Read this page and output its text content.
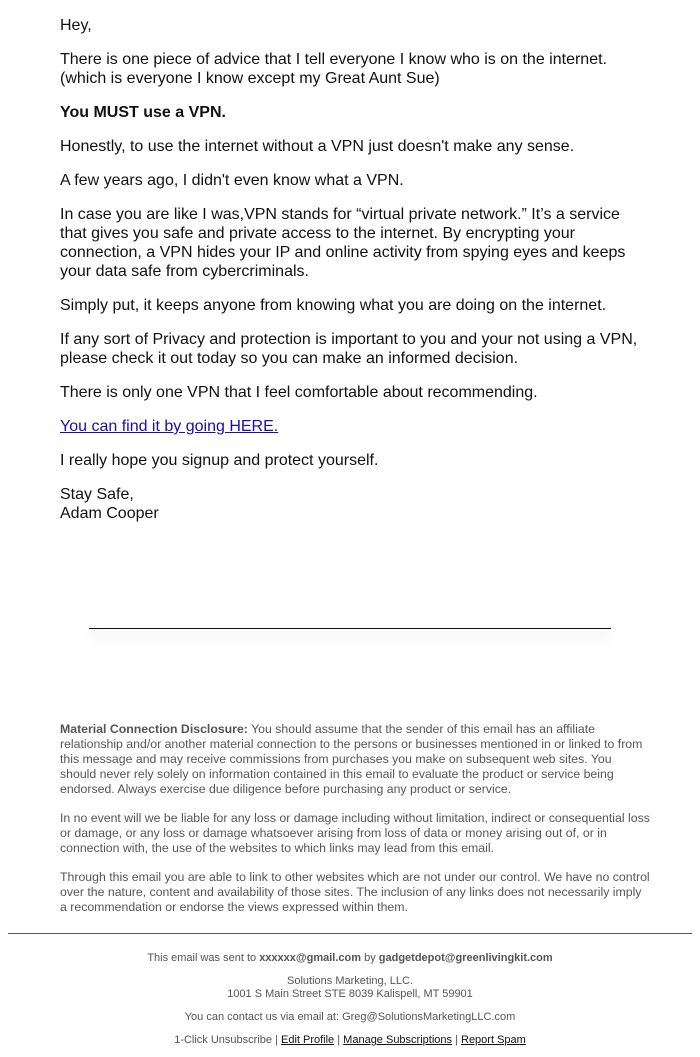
Hey,

There is one piece of advice that I tell everyone I know who is on the internet.
(which is everyone I know except my Great Aunt Sue)

You MUST use a VPN.

Honestly, to use the internet without a VPN just doesn't make any sense.

A few years ago, I didn't even know what a VPN.

In case you are like I was,VPN stands for “virtual private network.” It’s a service that gives you safe and private access to the internet. By encrypting your connection, a VPN hides your IP and online activity from spying eyes and keeps your data safe from cybercriminals.

Simply put, it keeps anyone from knowing what you are doing on the internet.

If any sort of Privacy and protection is important to you and your not using a VPN, please check it out today so you can make an informed decision.

There is only one VPN that I feel comfortable about recommending.

You can find it by going HERE.

I really hope you signup and protect yourself.

Stay Safe,
Adam Cooper

Material Connection Disclosure: You should assume that the sender of this email has an affiliate relationship and/or another material connection to the persons or businesses mentioned in or linked to from this message and may receive commissions from purchases you make on subsequent web sites. You should never rely solely on information contained in this email to evaluate the product or service being endorsed. Always exercise due diligence before purchasing any product or service.

In no event will we be liable for any loss or damage including without limitation, indirect or consequential loss or damage, or any loss or damage whatsoever arising from loss of data or money arising out of, or in connection with, the use of the websites to which links may lead from this email.

Through this email you are able to link to other websites which are not under our control. We have no control over the nature, content and availability of those sites. The inclusion of any links does not necessarily imply a recommendation or endorse the views expressed within them.

This email was sent to xxxxxx@gmail.com by gadgetdepot@greenlivingkit.com

Solutions Marketing, LLC.
1001 S Main Street STE 8039 Kalispell, MT 59901

You can contact us via email at: Greg@SolutionsMarketingLLC.com

1-Click Unsubscribe | Edit Profile | Manage Subscriptions | Report Spam
